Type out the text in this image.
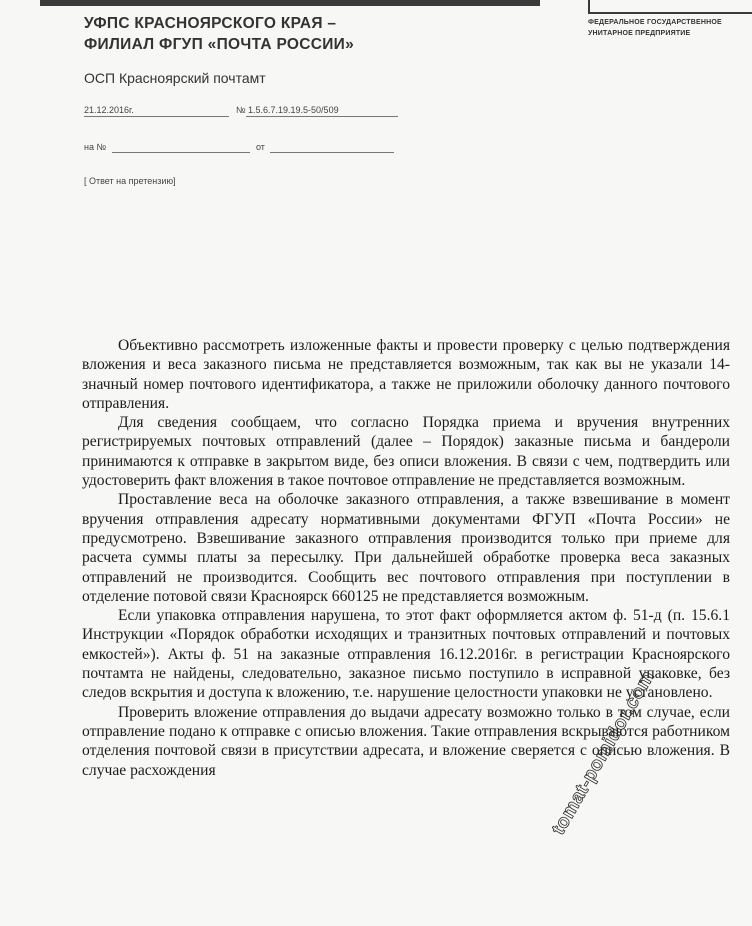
ФЕДЕРАЛЬНОЕ ГОСУДАРСТВЕННОЕ
УНИТАРНОЕ ПРЕДПРИЯТИЕ
УФПС КРАСНОЯРСКОГО КРАЯ –
ФИЛИАЛ ФГУП «ПОЧТА РОССИИ»
ОСП Красноярский почтамт
21.12.2016г.	№ 1.5.6.7.19.19.5-50/509
на №	от
[ Ответ на претензию]

Объективно рассмотреть изложенные факты и провести проверку с целью подтверждения вложения и веса заказного письма не представляется возможным, так как вы не указали 14-значный номер почтового идентификатора, а также не приложили оболочку данного почтового отправления.

Для сведения сообщаем, что согласно Порядка приема и вручения внутренних регистрируемых почтовых отправлений (далее – Порядок) заказные письма и бандероли принимаются к отправке в закрытом виде, без описи вложения. В связи с чем, подтвердить или удостоверить факт вложения в такое почтовое отправление не представляется возможным.

Проставление веса на оболочке заказного отправления, а также взвешивание в момент вручения отправления адресату нормативными документами ФГУП «Почта России» не предусмотрено. Взвешивание заказного отправления производится только при приеме для расчета суммы платы за пересылку. При дальнейшей обработке проверка веса заказных отправлений не производится. Сообщить вес почтового отправления при поступлении в отделение потовой связи Красноярск 660125 не представляется возможным.

Если упаковка отправления нарушена, то этот факт оформляется актом ф. 51-д (п. 15.6.1 Инструкции «Порядок обработки исходящих и транзитных почтовых отправлений и почтовых емкостей»). Акты ф. 51 на заказные отправления 16.12.2016г. в регистрации Красноярского почтамта не найдены, следовательно, заказное письмо поступило в исправной упаковке, без следов вскрытия и доступа к вложению, т.е. нарушение целостности упаковки не установлено.

Проверить вложение отправления до выдачи адресату возможно только в том случае, если отправление подано к отправке с описью вложения. Такие отправления вскрываются работником отделения почтовой связи в присутствии адресата, и вложение сверяется с описью вложения. В случае расхождения	tomat-pomidor.com
